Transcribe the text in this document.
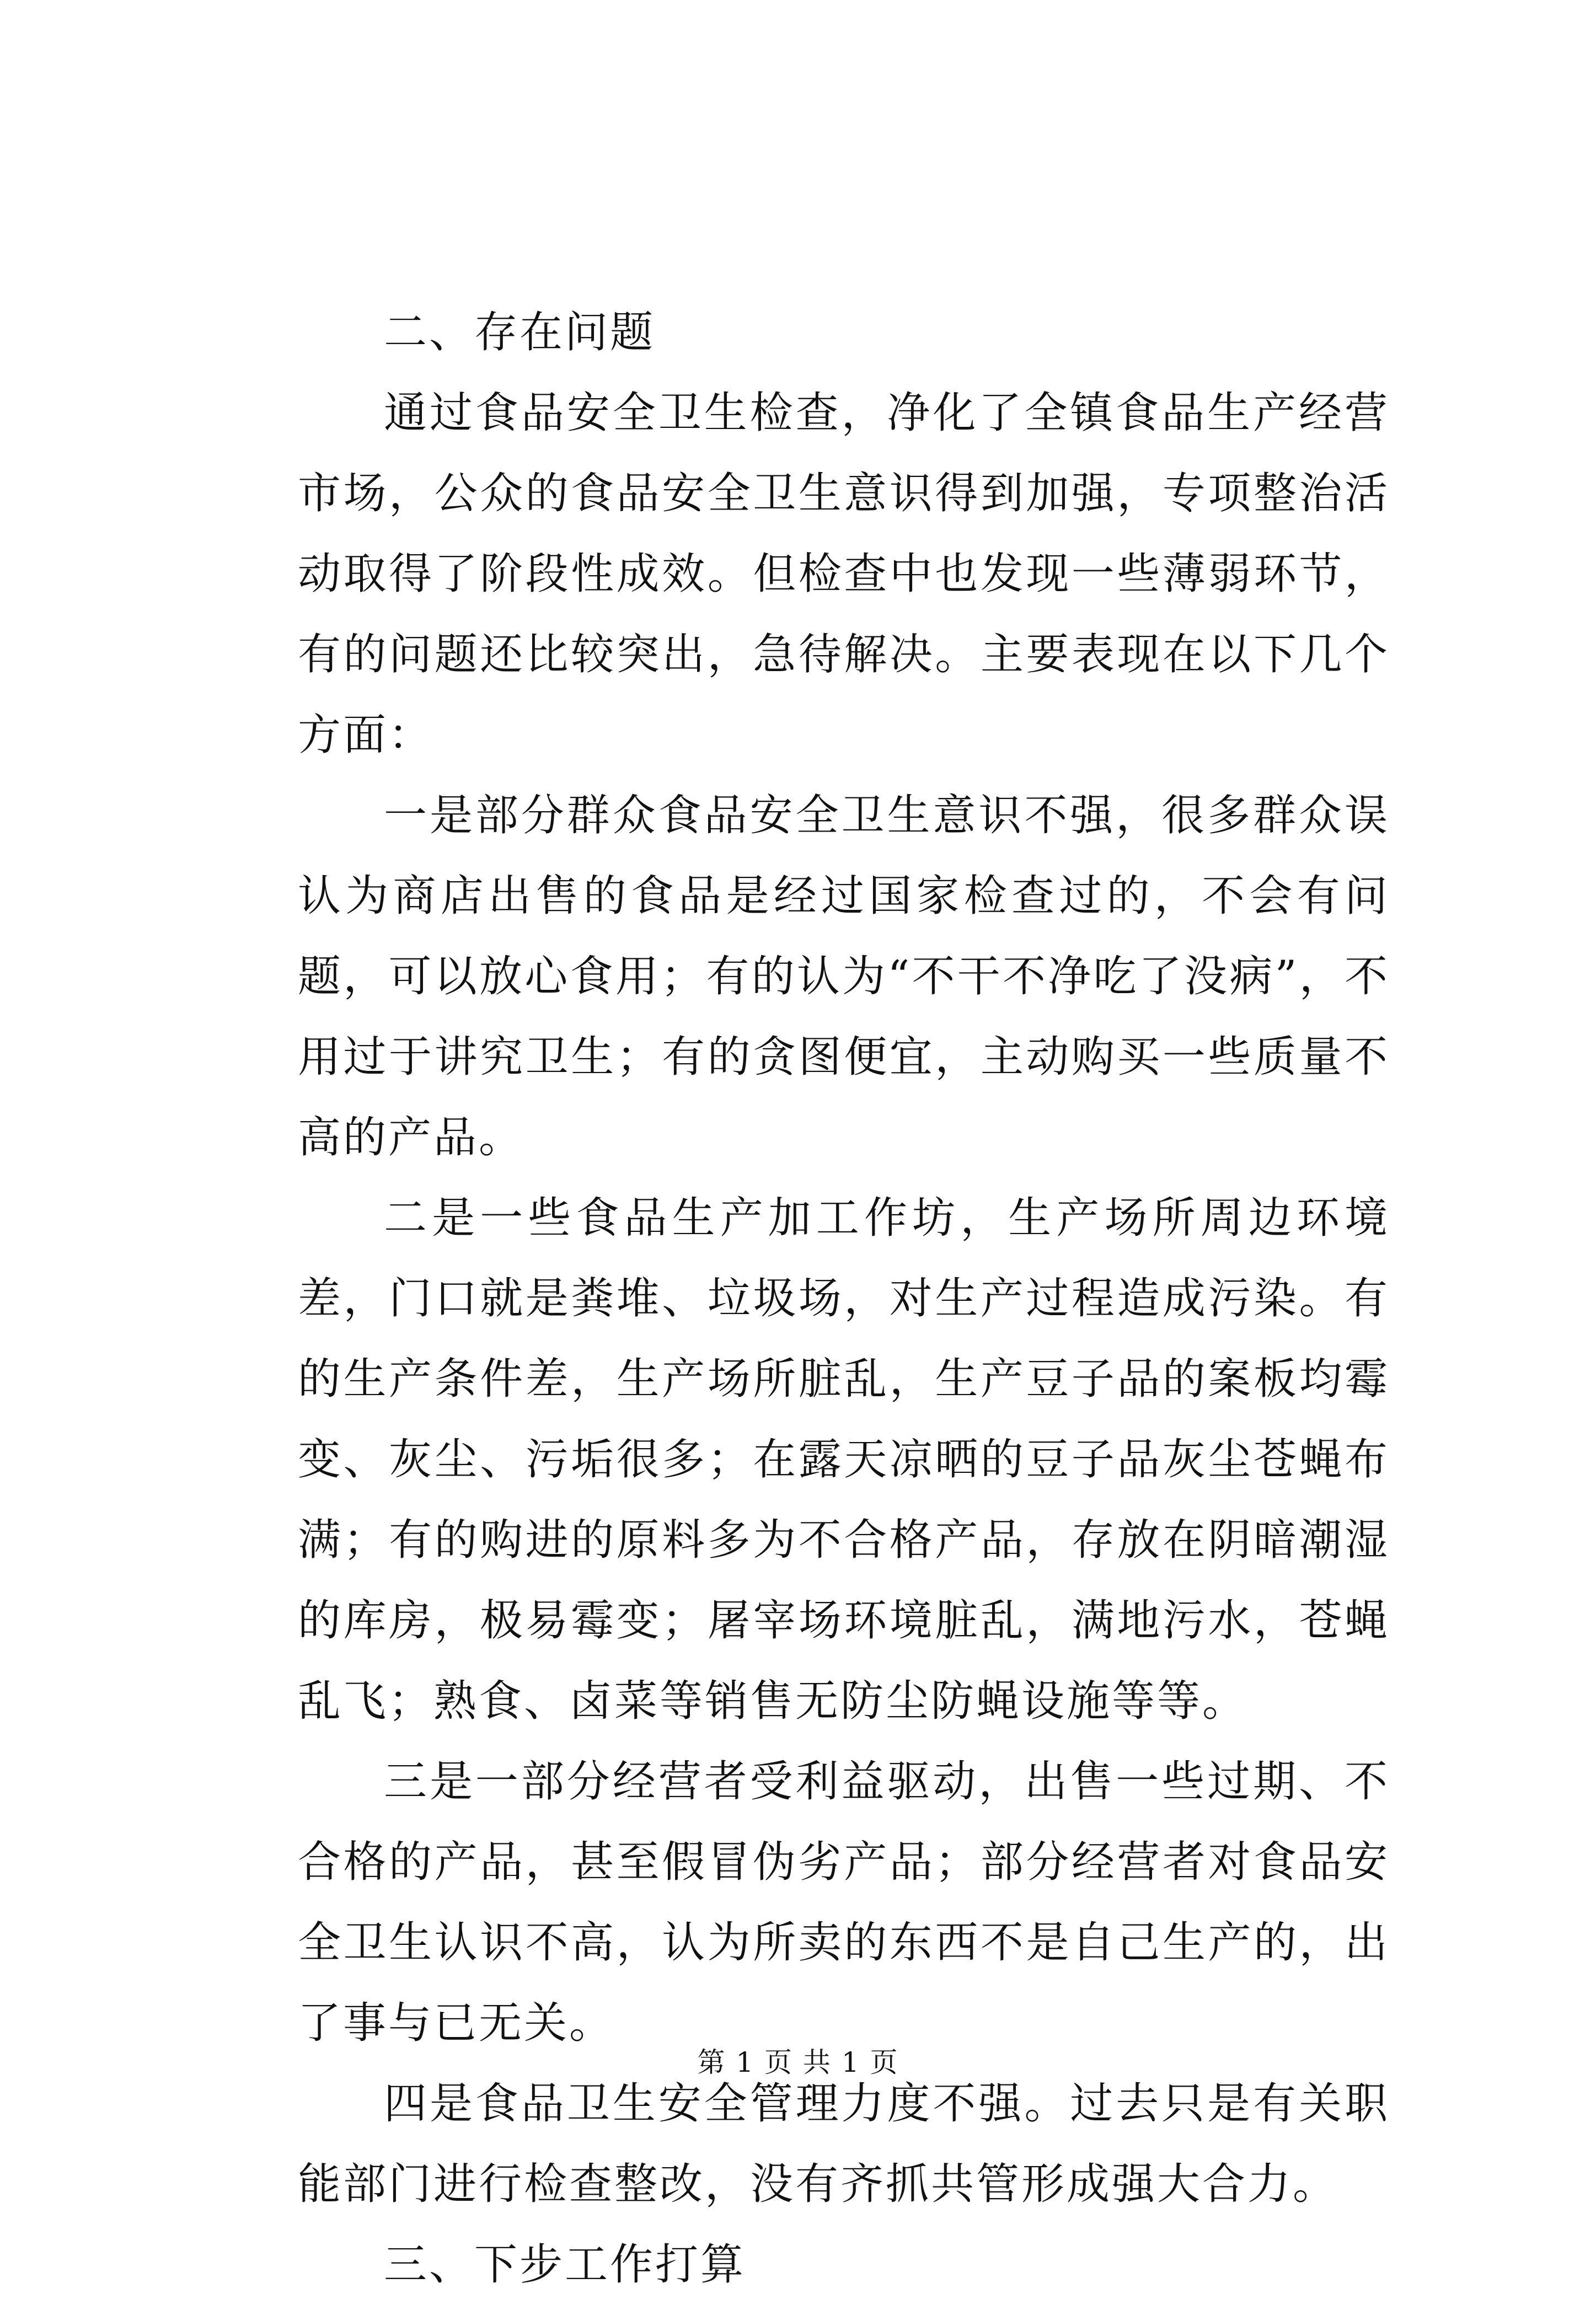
二、存在问题

通过食品安全卫生检查，净化了全镇食品生产经营市场，公众的食品安全卫生意识得到加强，专项整治活动取得了阶段性成效。但检查中也发现一些薄弱环节，有的问题还比较突出，急待解决。主要表现在以下几个方面：

一是部分群众食品安全卫生意识不强，很多群众误认为商店出售的食品是经过国家检查过的，不会有问题，可以放心食用；有的认为“不干不净吃了没病”，不用过于讲究卫生；有的贪图便宜，主动购买一些质量不高的产品。

二是一些食品生产加工作坊，生产场所周边环境差，门口就是粪堆、垃圾场，对生产过程造成污染。有的生产条件差，生产场所脏乱，生产豆子品的案板均霉变、灰尘、污垢很多；在露天凉晒的豆子品灰尘苍蝇布满；有的购进的原料多为不合格产品，存放在阴暗潮湿的库房，极易霉变；屠宰场环境脏乱，满地污水，苍蝇乱飞；熟食、卤菜等销售无防尘防蝇设施等等。

三是一部分经营者受利益驱动，出售一些过期、不合格的产品，甚至假冒伪劣产品；部分经营者对食品安全卫生认识不高，认为所卖的东西不是自己生产的，出了事与已无关。

四是食品卫生安全管理力度不强。过去只是有关职能部门进行检查整改，没有齐抓共管形成强大合力。

三、下步工作打算

第 1 页 共 1 页
